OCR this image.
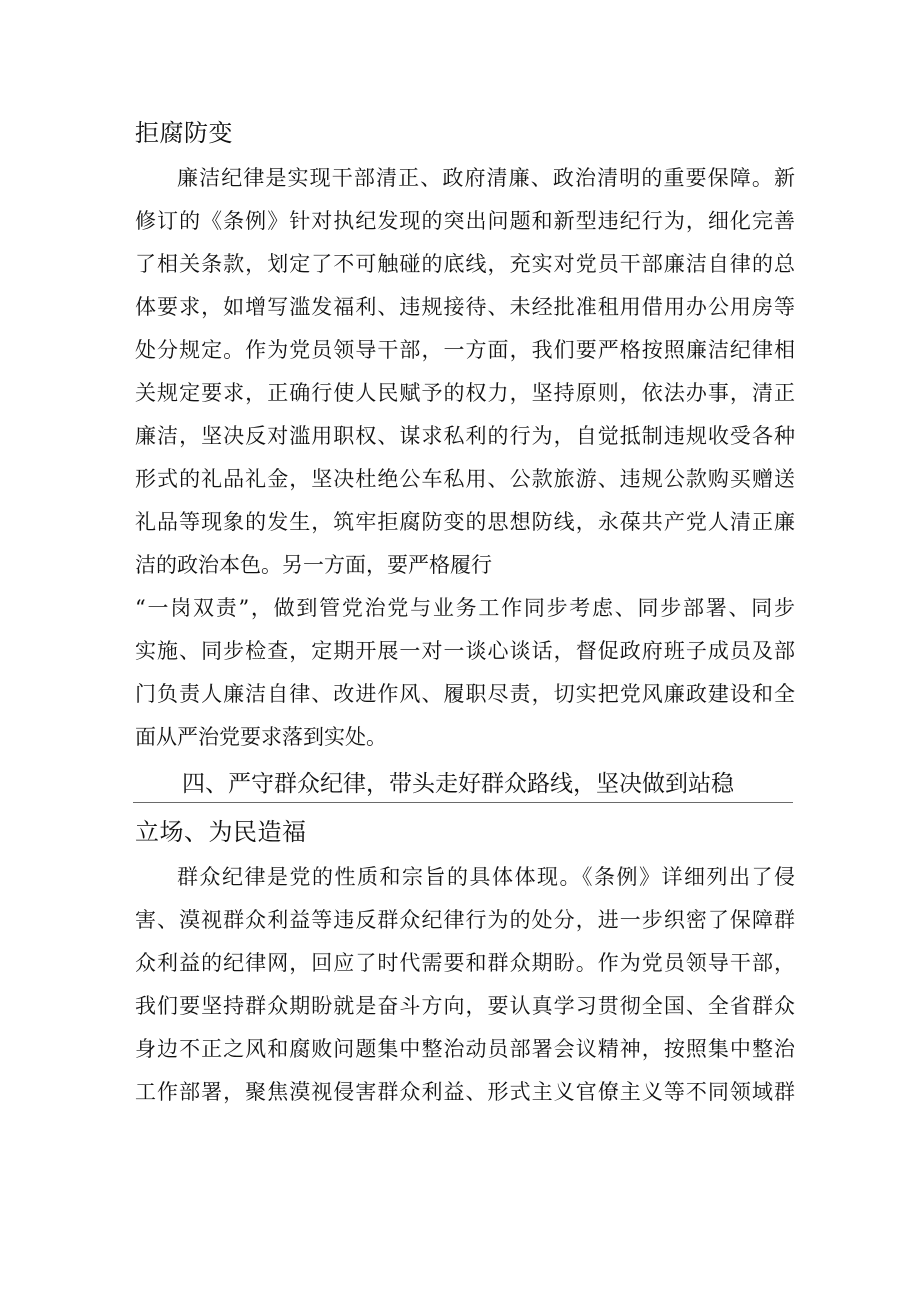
拒腐防变
廉洁纪律是实现干部清正、政府清廉、政治清明的重要保障。新
修订的《条例》针对执纪发现的突出问题和新型违纪行为，细化完善
了相关条款，划定了不可触碰的底线，充实对党员干部廉洁自律的总
体要求，如增写滥发福利、违规接待、未经批准租用借用办公用房等
处分规定。作为党员领导干部，一方面，我们要严格按照廉洁纪律相
关规定要求，正确行使人民赋予的权力，坚持原则，依法办事，清正
廉洁，坚决反对滥用职权、谋求私利的行为，自觉抵制违规收受各种
形式的礼品礼金，坚决杜绝公车私用、公款旅游、违规公款购买赠送
礼品等现象的发生，筑牢拒腐防变的思想防线，永葆共产党人清正廉
洁的政治本色。另一方面，要严格履行
“一岗双责”，做到管党治党与业务工作同步考虑、同步部署、同步
实施、同步检查，定期开展一对一谈心谈话，督促政府班子成员及部
门负责人廉洁自律、改进作风、履职尽责，切实把党风廉政建设和全
面从严治党要求落到实处。
四、严守群众纪律，带头走好群众路线，坚决做到站稳
立场、为民造福
群众纪律是党的性质和宗旨的具体体现。《条例》详细列出了侵
害、漠视群众利益等违反群众纪律行为的处分，进一步织密了保障群
众利益的纪律网，回应了时代需要和群众期盼。作为党员领导干部，
我们要坚持群众期盼就是奋斗方向，要认真学习贯彻全国、全省群众
身边不正之风和腐败问题集中整治动员部署会议精神，按照集中整治
工作部署，聚焦漠视侵害群众利益、形式主义官僚主义等不同领域群
